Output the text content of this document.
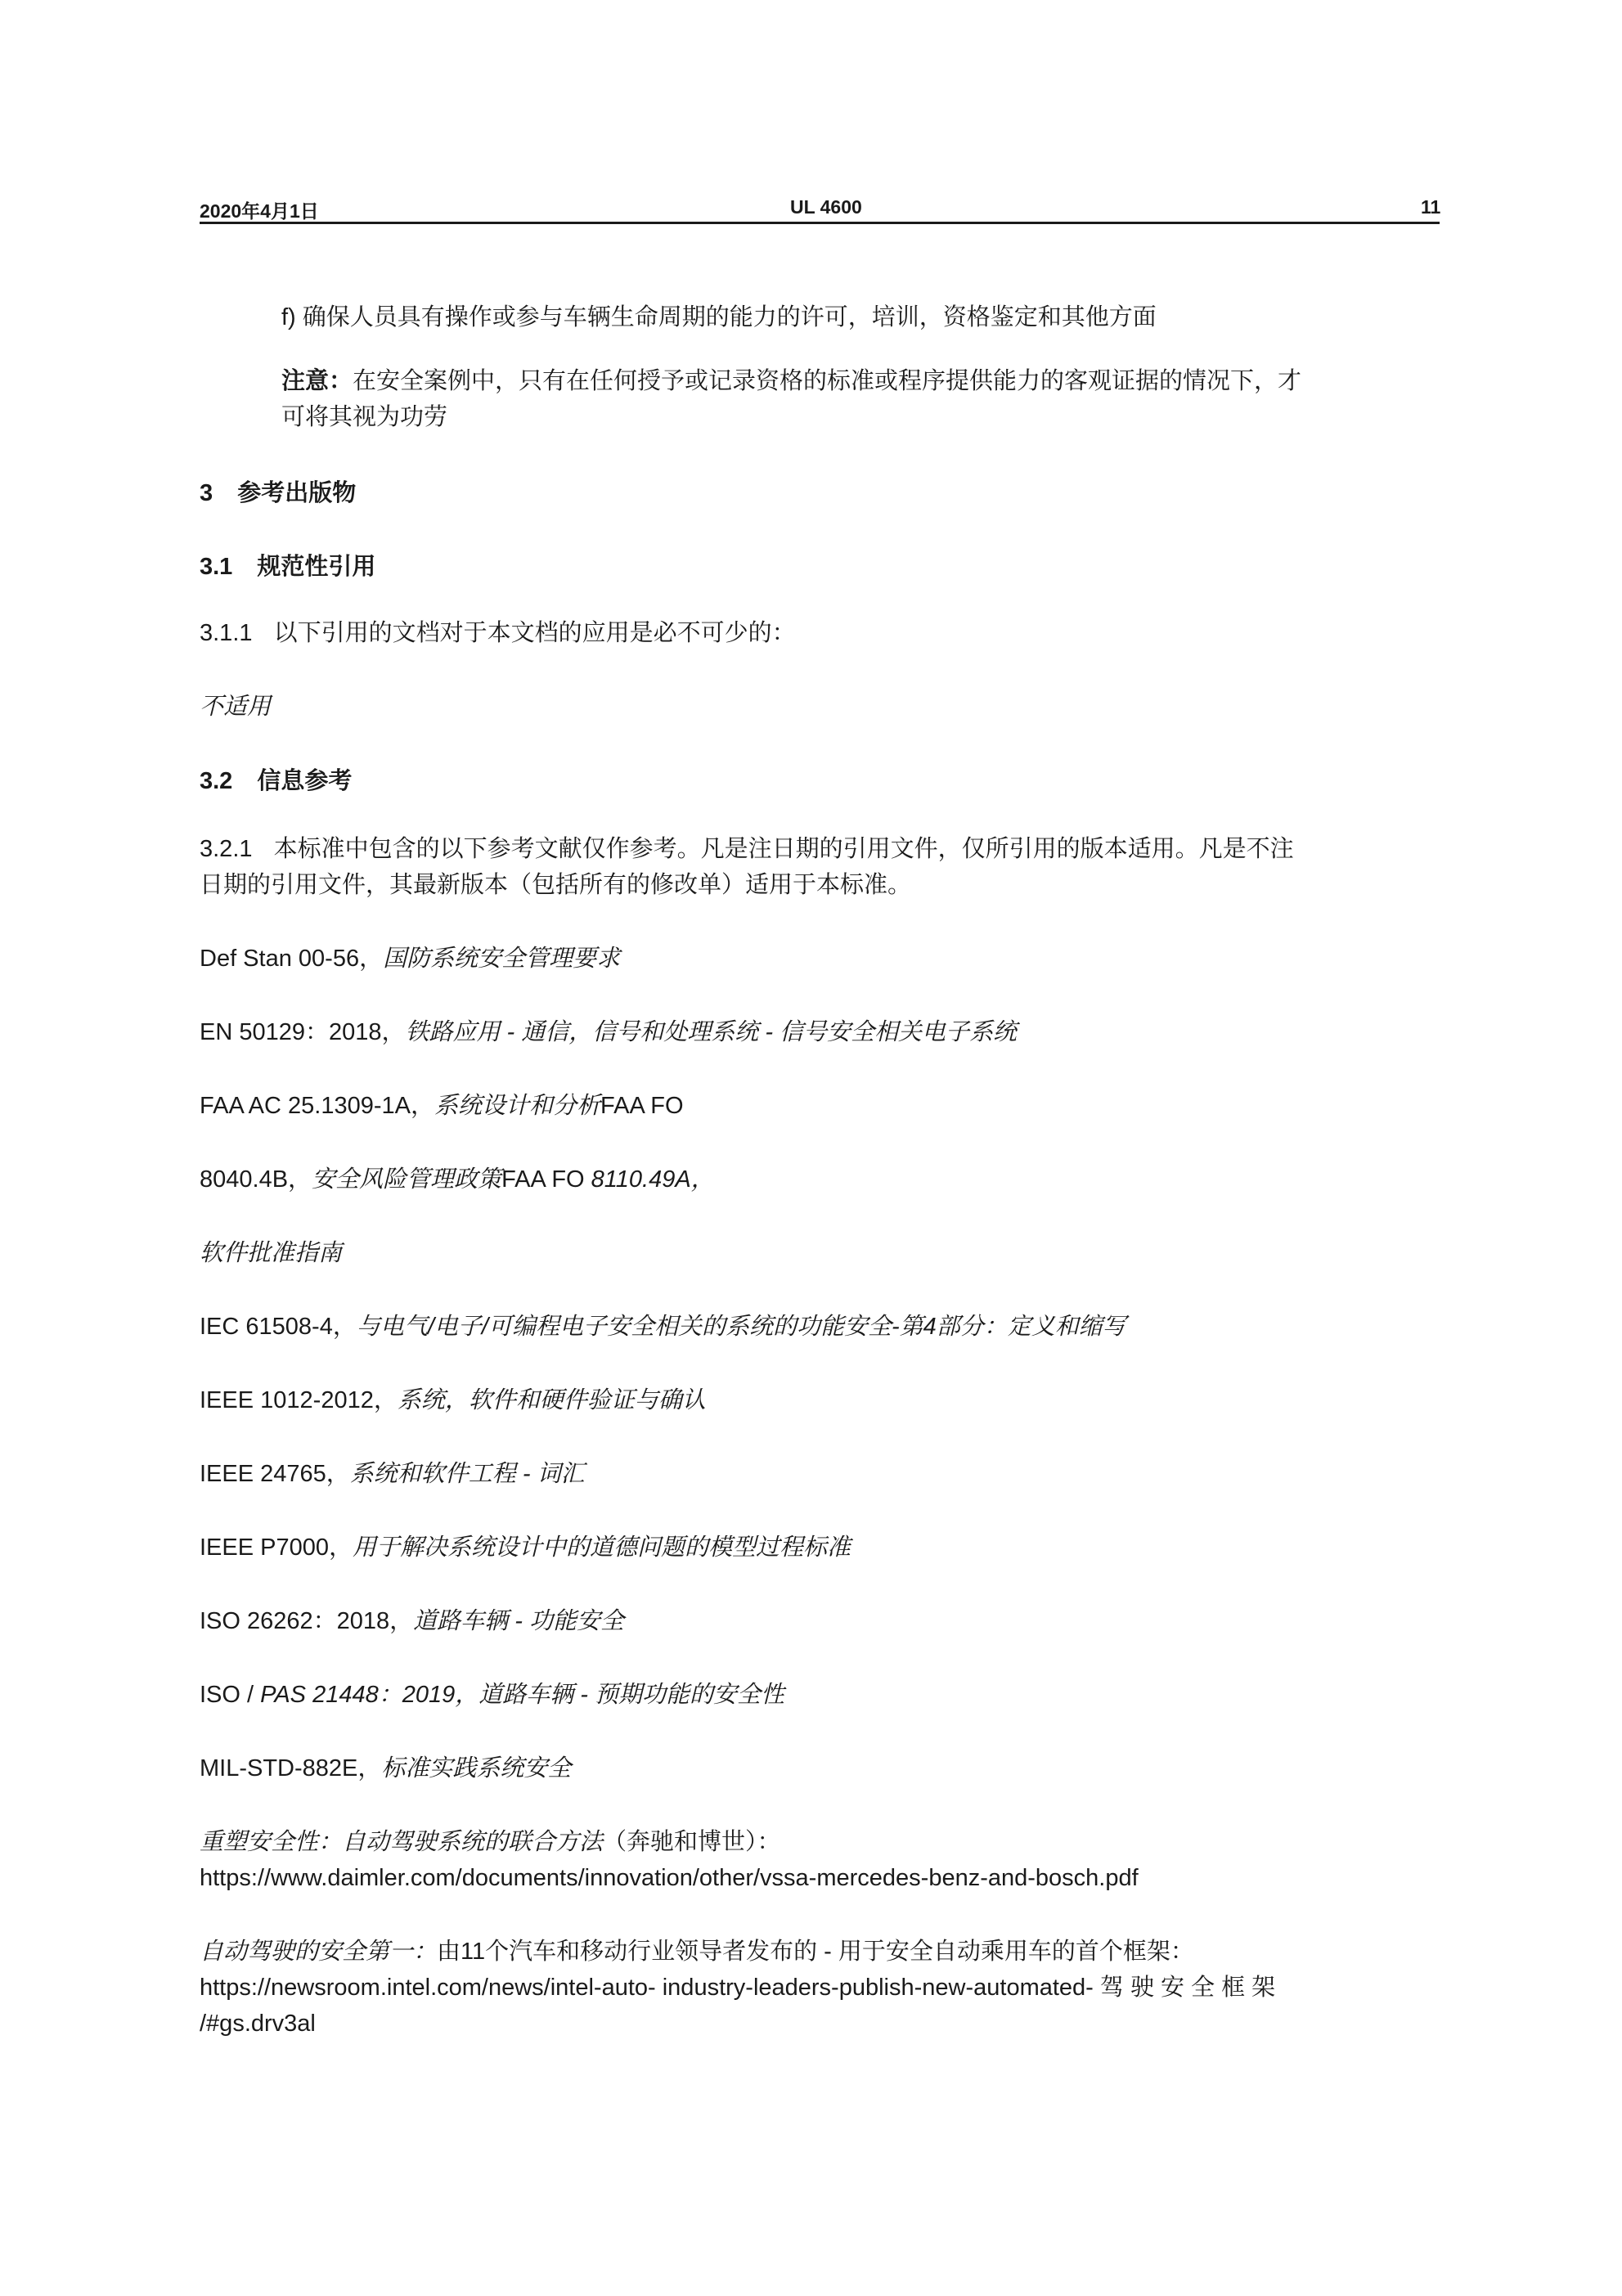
2020年4月1日	UL 4600	11
f) 确保人员具有操作或参与车辆生命周期的能力的许可，培训，资格鉴定和其他方面
注意：在安全案例中，只有在任何授予或记录资格的标准或程序提供能力的客观证据的情况下，才
可将其视为功劳
3 参考出版物
3.1 规范性引用
3.1.1 以下引用的文档对于本文档的应用是必不可少的：
不适用
3.2 信息参考
3.2.1 本标准中包含的以下参考文献仅作参考。凡是注日期的引用文件，仅所引用的版本适用。凡是不注
日期的引用文件，其最新版本（包括所有的修改单）适用于本标准。
Def Stan 00-56，国防系统安全管理要求
EN 50129：2018，铁路应用 - 通信，信号和处理系统 - 信号安全相关电子系统
FAA AC 25.1309-1A，系统设计和分析FAA FO
8040.4B，安全风险管理政策FAA FO 8110.49A，
软件批准指南
IEC 61508-4，与电气/电子/可编程电子安全相关的系统的功能安全-第4部分：定义和缩写
IEEE 1012-2012，系统，软件和硬件验证与确认
IEEE 24765，系统和软件工程 - 词汇
IEEE P7000，用于解决系统设计中的道德问题的模型过程标准
ISO 26262：2018，道路车辆 - 功能安全
ISO / PAS 21448：2019，道路车辆 - 预期功能的安全性
MIL-STD-882E，标准实践系统安全
重塑安全性：自动驾驶系统的联合方法（奔驰和博世）：
https://www.daimler.com/documents/innovation/other/vssa-mercedes-benz-and-bosch.pdf
自动驾驶的安全第一：由11个汽车和移动行业领导者发布的 - 用于安全自动乘用车的首个框架：
https://newsroom.intel.com/news/intel-auto- industry-leaders-publish-new-automated- 驾 驶 安 全 框 架
/#gs.drv3al
